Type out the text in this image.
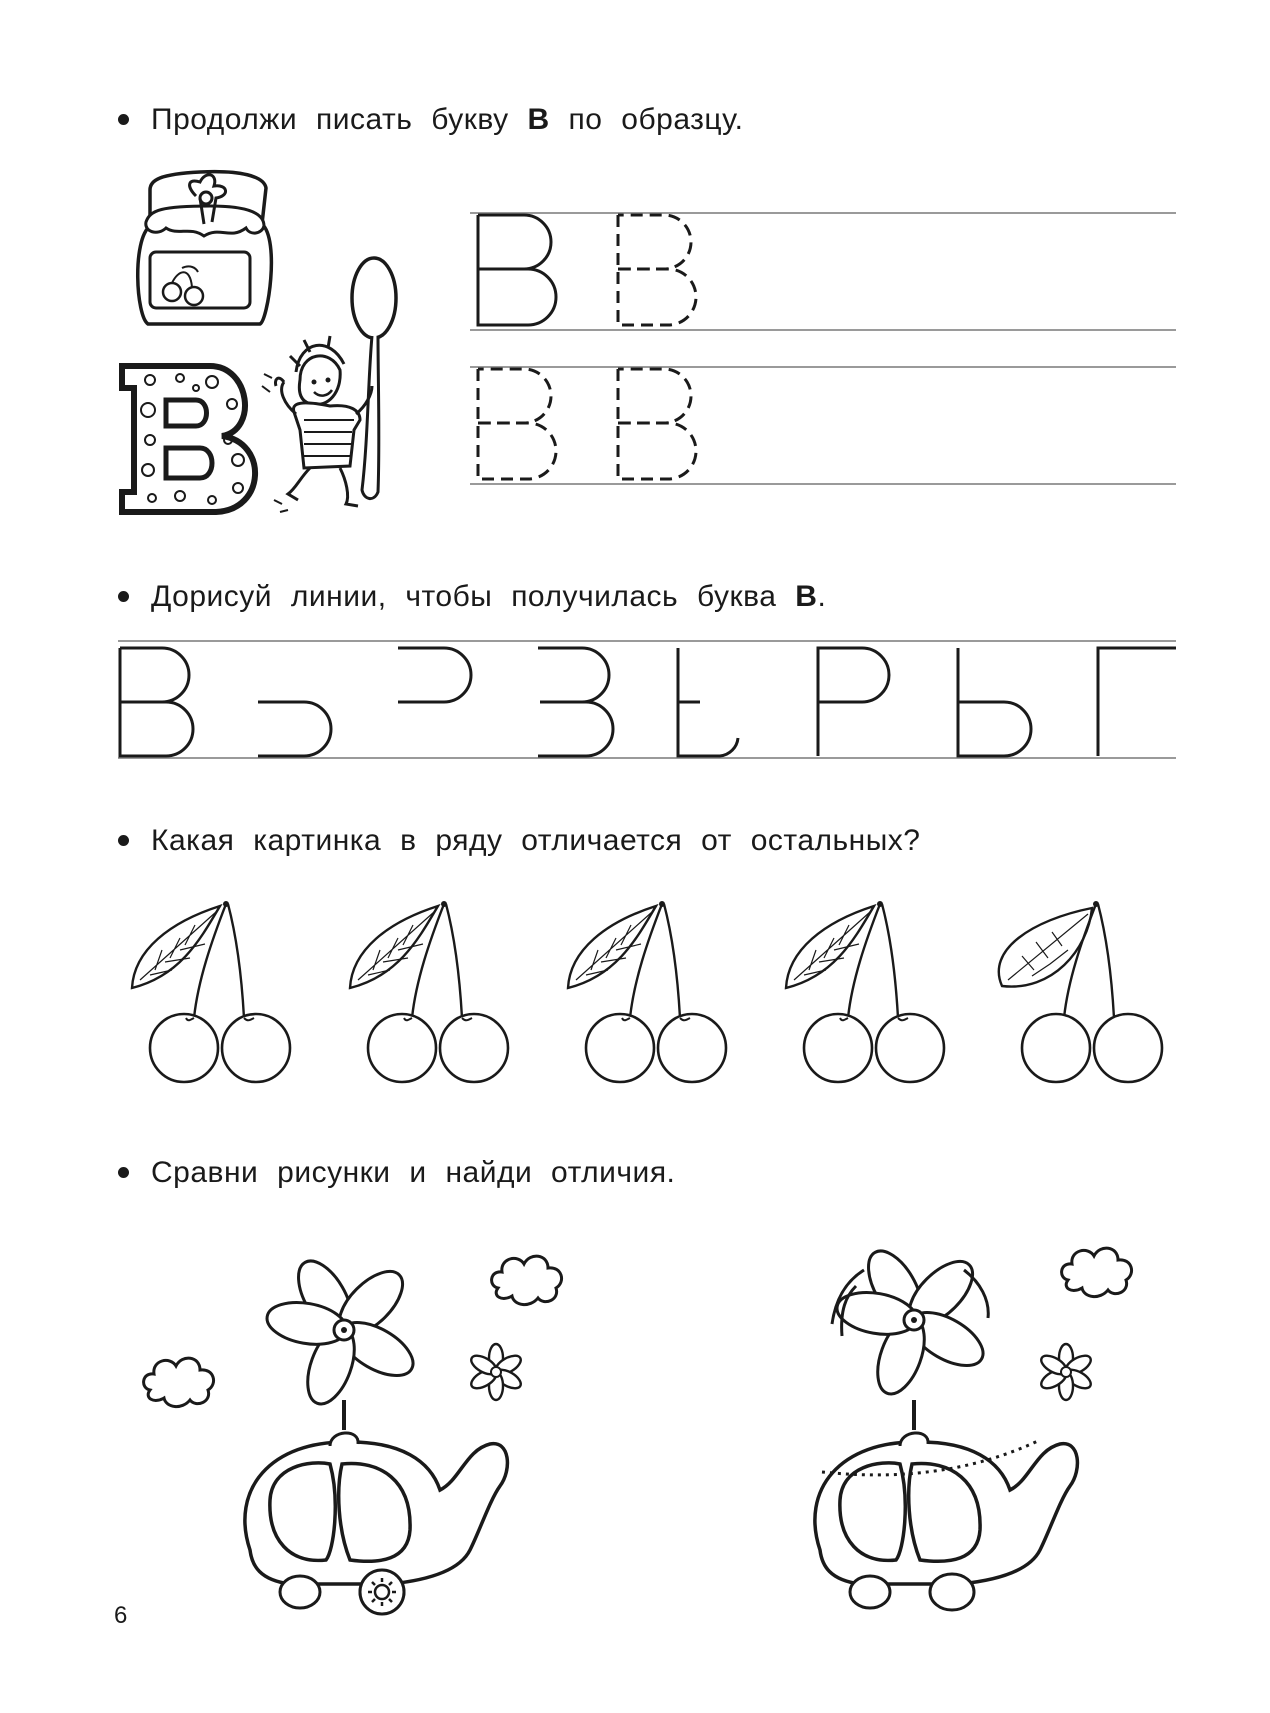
Продолжи писать букву В по образцу.
Дорисуй линии, чтобы получилась буква В.
Какая картинка в ряду отличается от остальных?
Сравни рисунки и найди отличия.
6
